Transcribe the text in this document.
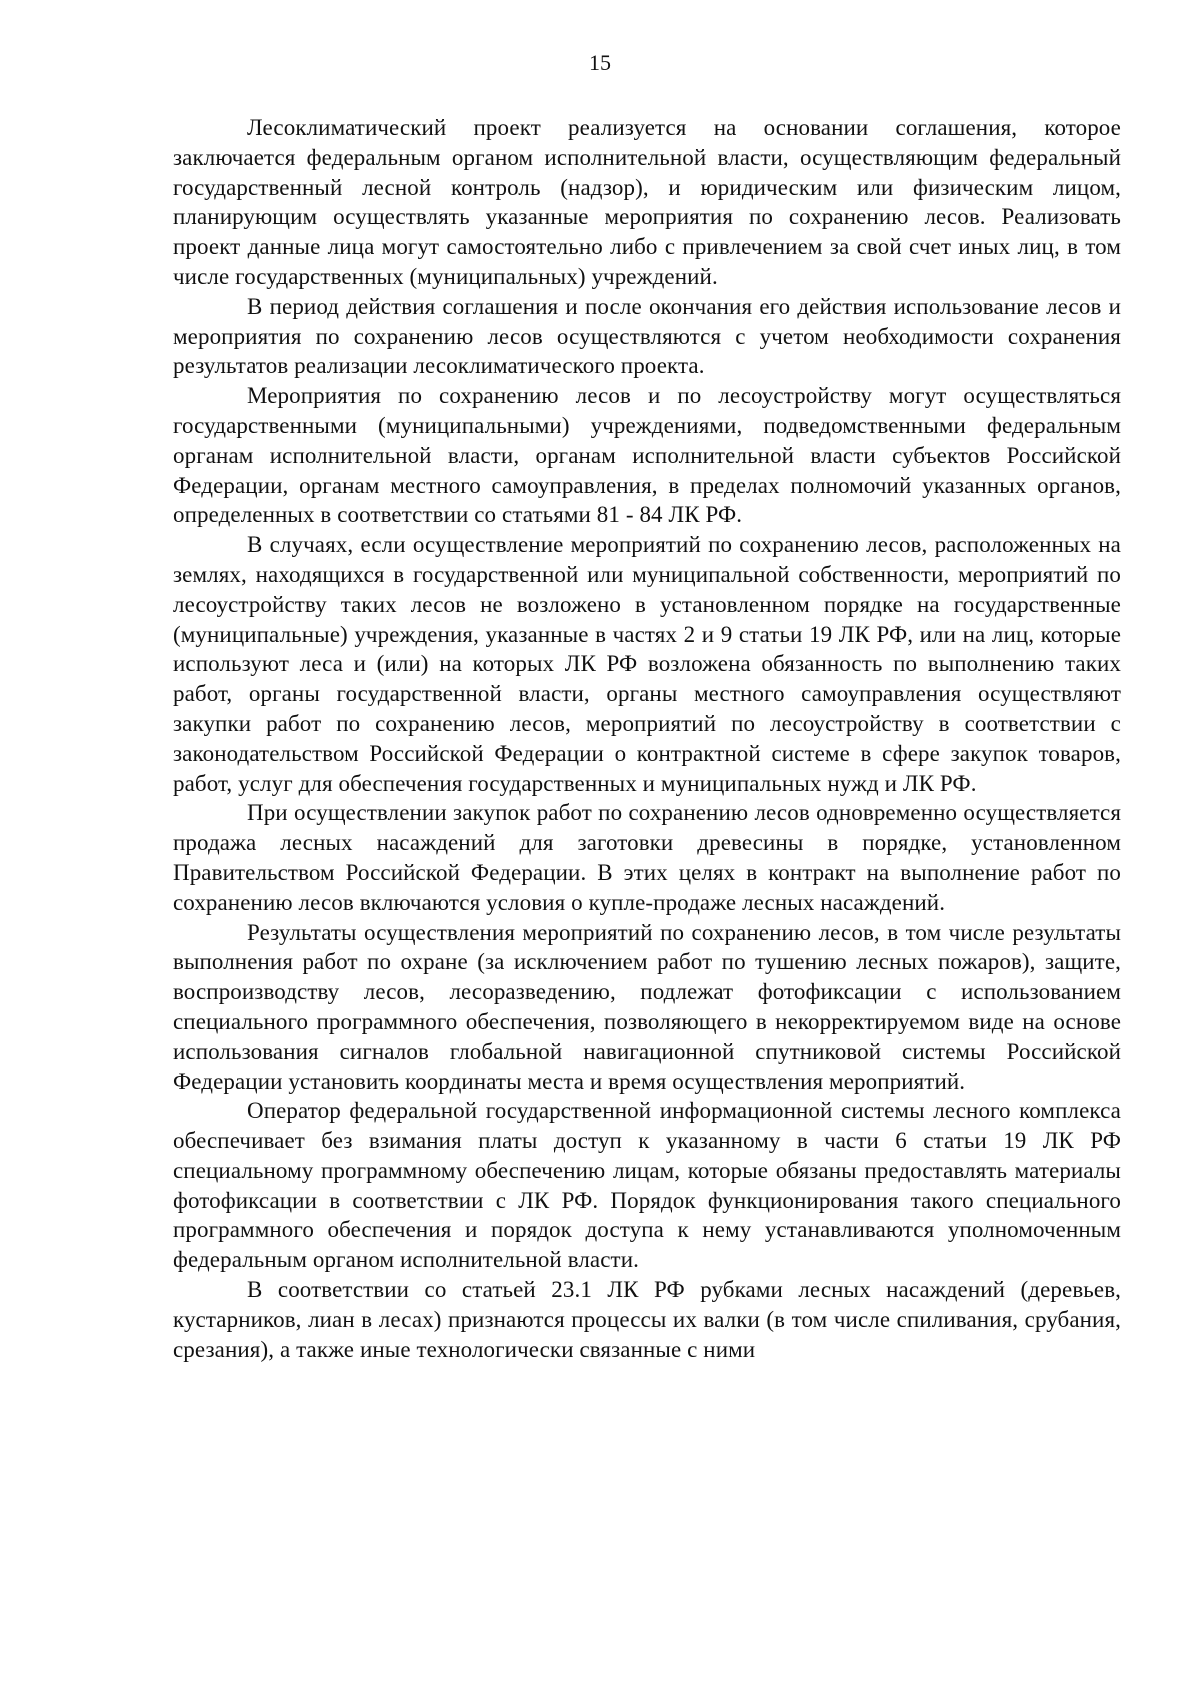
15

Лесоклиматический проект реализуется на основании соглашения, которое заключается федеральным органом исполнительной власти, осуществляющим федеральный государственный лесной контроль (надзор), и юридическим или физическим лицом, планирующим осуществлять указанные мероприятия по сохранению лесов. Реализовать проект данные лица могут самостоятельно либо с привлечением за свой счет иных лиц, в том числе государственных (муниципальных) учреждений.

В период действия соглашения и после окончания его действия использование лесов и мероприятия по сохранению лесов осуществляются с учетом необходимости сохранения результатов реализации лесоклиматического проекта.

Мероприятия по сохранению лесов и по лесоустройству могут осуществляться государственными (муниципальными) учреждениями, подведомственными федеральным органам исполнительной власти, органам исполнительной власти субъектов Российской Федерации, органам местного самоуправления, в пределах полномочий указанных органов, определенных в соответствии со статьями 81 - 84 ЛК РФ.

В случаях, если осуществление мероприятий по сохранению лесов, расположенных на землях, находящихся в государственной или муниципальной собственности, мероприятий по лесоустройству таких лесов не возложено в установленном порядке на государственные (муниципальные) учреждения, указанные в частях 2 и 9 статьи 19 ЛК РФ, или на лиц, которые используют леса и (или) на которых ЛК РФ возложена обязанность по выполнению таких работ, органы государственной власти, органы местного самоуправления осуществляют закупки работ по сохранению лесов, мероприятий по лесоустройству в соответствии с законодательством Российской Федерации о контрактной системе в сфере закупок товаров, работ, услуг для обеспечения государственных и муниципальных нужд и ЛК РФ.

При осуществлении закупок работ по сохранению лесов одновременно осуществляется продажа лесных насаждений для заготовки древесины в порядке, установленном Правительством Российской Федерации. В этих целях в контракт на выполнение работ по сохранению лесов включаются условия о купле-продаже лесных насаждений.

Результаты осуществления мероприятий по сохранению лесов, в том числе результаты выполнения работ по охране (за исключением работ по тушению лесных пожаров), защите, воспроизводству лесов, лесоразведению, подлежат фотофиксации с использованием специального программного обеспечения, позволяющего в некорректируемом виде на основе использования сигналов глобальной навигационной спутниковой системы Российской Федерации установить координаты места и время осуществления мероприятий.

Оператор федеральной государственной информационной системы лесного комплекса обеспечивает без взимания платы доступ к указанному в части 6 статьи 19 ЛК РФ специальному программному обеспечению лицам, которые обязаны предоставлять материалы фотофиксации в соответствии с ЛК РФ. Порядок функционирования такого специального программного обеспечения и порядок доступа к нему устанавливаются уполномоченным федеральным органом исполнительной власти.

В соответствии со статьей 23.1 ЛК РФ рубками лесных насаждений (деревьев, кустарников, лиан в лесах) признаются процессы их валки (в том числе спиливания, срубания, срезания), а также иные технологически связанные с ними
